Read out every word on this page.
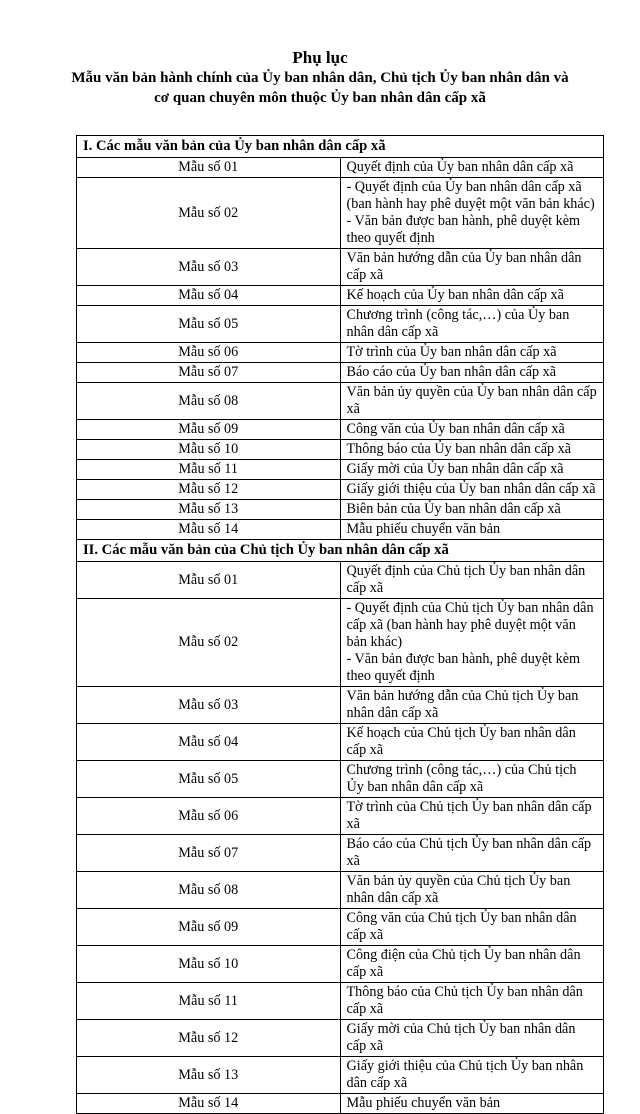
Phụ lục
Mẫu văn bản hành chính của Ủy ban nhân dân, Chủ tịch Ủy ban nhân dân và
cơ quan chuyên môn thuộc Ủy ban nhân dân cấp xã
I. Các mẫu văn bản của Ủy ban nhân dân cấp xã	
Mẫu số 01	Quyết định của Ủy ban nhân dân cấp xã

Mẫu số 02	- Quyết định của Ủy ban nhân dân cấp xã (ban hành hay phê duyệt một văn bản khác)
- Văn bản được ban hành, phê duyệt kèm theo quyết định

Mẫu số 03	Văn bản hướng dẫn của Ủy ban nhân dân cấp xã

Mẫu số 04	Kế hoạch của Ủy ban nhân dân cấp xã

Mẫu số 05	Chương trình (công tác,…) của Ủy ban nhân dân cấp xã

Mẫu số 06	Tờ trình của Ủy ban nhân dân cấp xã

Mẫu số 07	Báo cáo của Ủy ban nhân dân cấp xã

Mẫu số 08	Văn bản ủy quyền của Ủy ban nhân dân cấp xã

Mẫu số 09	Công văn của Ủy ban nhân dân cấp xã

Mẫu số 10	Thông báo của Ủy ban nhân dân cấp xã

Mẫu số 11	Giấy mời của Ủy ban nhân dân cấp xã

Mẫu số 12	Giấy giới thiệu của Ủy ban nhân dân cấp xã

Mẫu số 13	Biên bản của Ủy ban nhân dân cấp xã

Mẫu số 14	Mẫu phiếu chuyển văn bản

II. Các mẫu văn bản của Chủ tịch Ủy ban nhân dân cấp xã	
Mẫu số 01	Quyết định của Chủ tịch Ủy ban nhân dân cấp xã

Mẫu số 02	- Quyết định của Chủ tịch Ủy ban nhân dân cấp xã (ban hành hay phê duyệt một văn bản khác)
- Văn bản được ban hành, phê duyệt kèm theo quyết định

Mẫu số 03	Văn bản hướng dẫn của Chủ tịch Ủy ban nhân dân cấp xã

Mẫu số 04	Kế hoạch của Chủ tịch Ủy ban nhân dân cấp xã

Mẫu số 05	Chương trình (công tác,…) của Chủ tịch Ủy ban nhân dân cấp xã

Mẫu số 06	Tờ trình của Chủ tịch Ủy ban nhân dân cấp xã

Mẫu số 07	Báo cáo của Chủ tịch Ủy ban nhân dân cấp xã

Mẫu số 08	Văn bản ủy quyền của Chủ tịch Ủy ban nhân dân cấp xã

Mẫu số 09	Công văn của Chủ tịch Ủy ban nhân dân cấp xã

Mẫu số 10	Công điện của Chủ tịch Ủy ban nhân dân cấp xã

Mẫu số 11	Thông báo của Chủ tịch Ủy ban nhân dân cấp xã

Mẫu số 12	Giấy mời của Chủ tịch Ủy ban nhân dân cấp xã

Mẫu số 13	Giấy giới thiệu của Chủ tịch Ủy ban nhân dân cấp xã

Mẫu số 14	Mẫu phiếu chuyển văn bản
